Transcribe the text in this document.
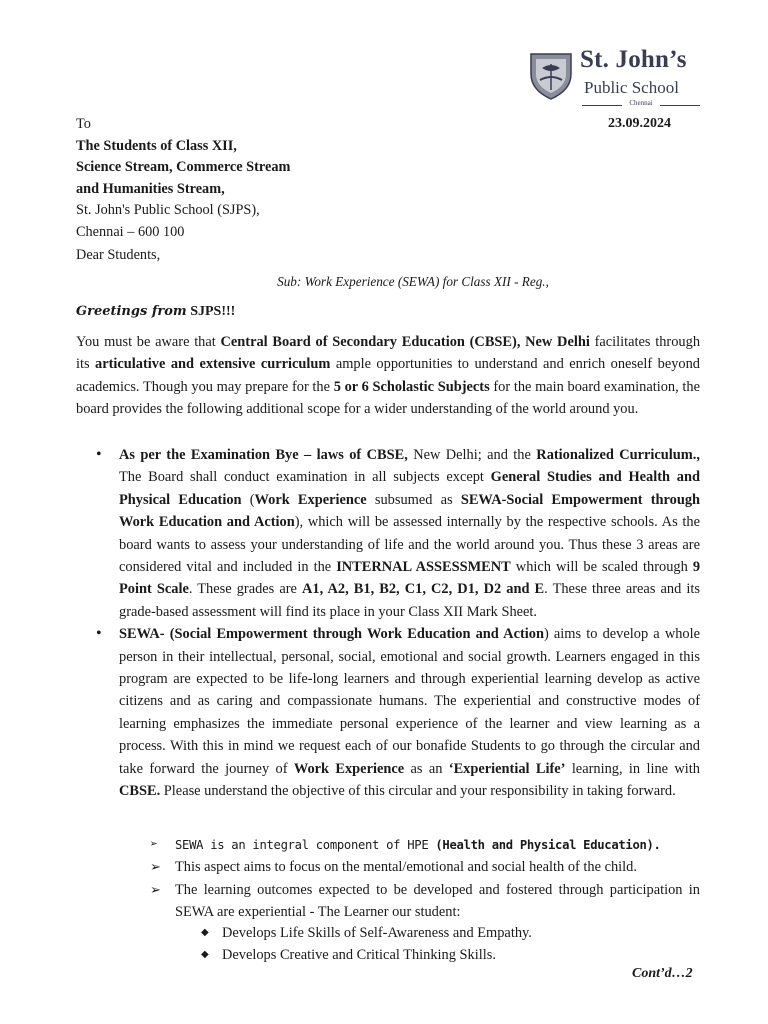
St. John’s
Public School
Chennai
23.09.2024
To
The Students of Class XII,
Science Stream, Commerce Stream
and Humanities Stream,
St. John's Public School (SJPS),
Chennai – 600 100
Dear Students,
Sub: Work Experience (SEWA) for Class XII - Reg.,
Greetings from SJPS!!!
You must be aware that Central Board of Secondary Education (CBSE), New Delhi facilitates through its articulative and extensive curriculum ample opportunities to understand and enrich oneself beyond academics. Though you may prepare for the 5 or 6 Scholastic Subjects for the main board examination, the board provides the following additional scope for a wider understanding of the world around you.
• As per the Examination Bye – laws of CBSE, New Delhi; and the Rationalized Curriculum., The Board shall conduct examination in all subjects except General Studies and Health and Physical Education (Work Experience subsumed as SEWA-Social Empowerment through Work Education and Action), which will be assessed internally by the respective schools. As the board wants to assess your understanding of life and the world around you. Thus these 3 areas are considered vital and included in the INTERNAL ASSESSMENT which will be scaled through 9 Point Scale. These grades are A1, A2, B1, B2, C1, C2, D1, D2 and E. These three areas and its grade-based assessment will find its place in your Class XII Mark Sheet.
• SEWA- (Social Empowerment through Work Education and Action) aims to develop a whole person in their intellectual, personal, social, emotional and social growth. Learners engaged in this program are expected to be life-long learners and through experiential learning develop as active citizens and as caring and compassionate humans. The experiential and constructive modes of learning emphasizes the immediate personal experience of the learner and view learning as a process. With this in mind we request each of our bonafide Students to go through the circular and take forward the journey of Work Experience as an ‘Experiential Life’ learning, in line with CBSE. Please understand the objective of this circular and your responsibility in taking forward.
➢ SEWA is an integral component of HPE (Health and Physical Education).
➢ This aspect aims to focus on the mental/emotional and social health of the child.
➢ The learning outcomes expected to be developed and fostered through participation in SEWA are experiential - The Learner our student:
◆ Develops Life Skills of Self-Awareness and Empathy.
◆ Develops Creative and Critical Thinking Skills.
Cont’d…2
